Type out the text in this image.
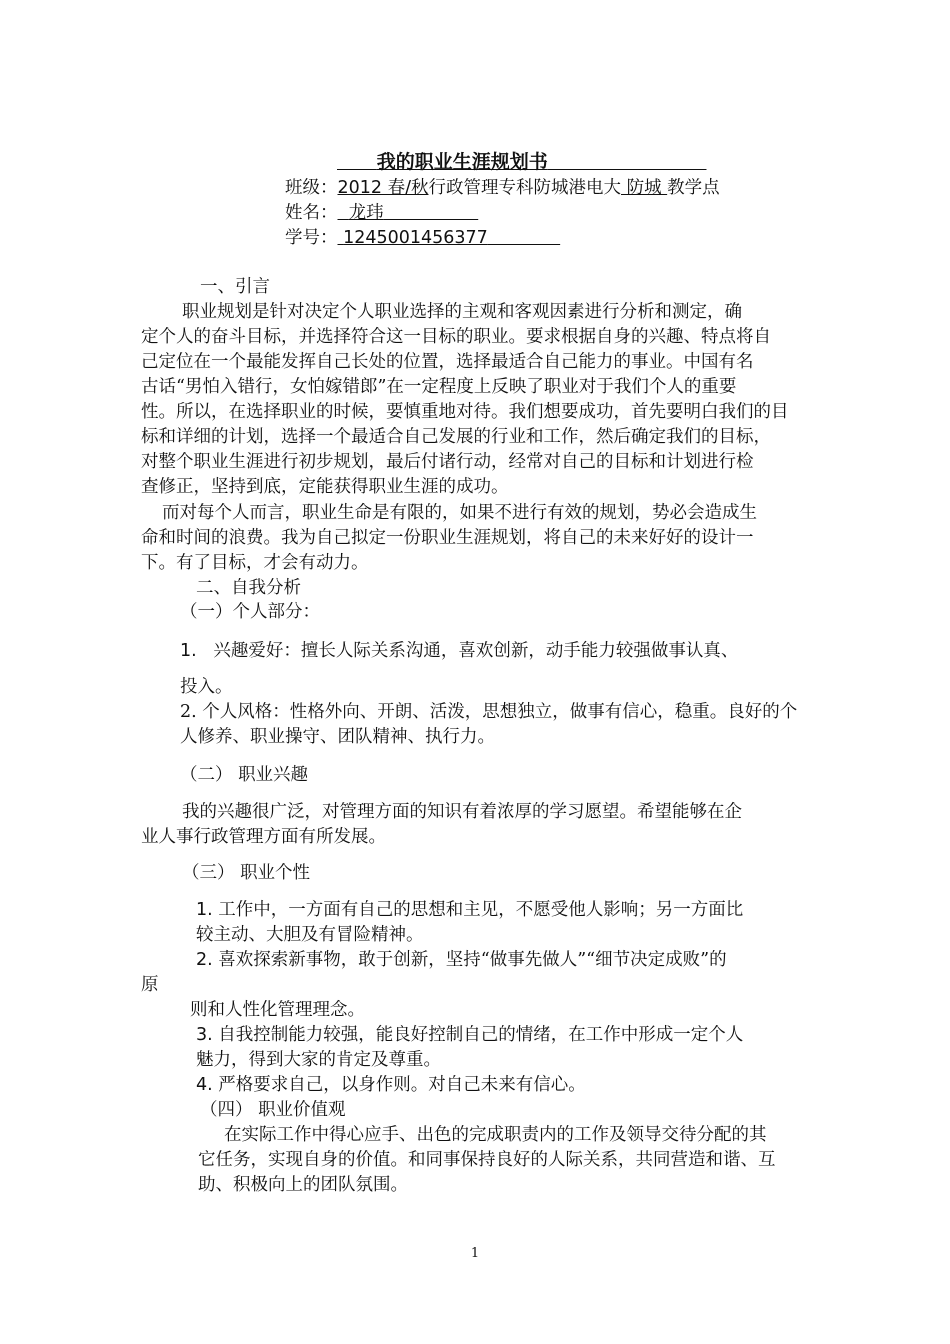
我的职业生涯规划书
班级：2012 春/秋行政管理专科防城港电大 防城 教学点
姓名： 龙玮
学号： 1245001456377
一、引言
职业规划是针对决定个人职业选择的主观和客观因素进行分析和测定，确
定个人的奋斗目标，并选择符合这一目标的职业。要求根据自身的兴趣、特点将自
己定位在一个最能发挥自己长处的位置，选择最适合自己能力的事业。中国有名
古话“男怕入错行，女怕嫁错郎”在一定程度上反映了职业对于我们个人的重要
性。所以，在选择职业的时候，要慎重地对待。我们想要成功，首先要明白我们的目
标和详细的计划，选择一个最适合自己发展的行业和工作，然后确定我们的目标，
对整个职业生涯进行初步规划，最后付诸行动，经常对自己的目标和计划进行检
查修正，坚持到底，定能获得职业生涯的成功。
而对每个人而言，职业生命是有限的，如果不进行有效的规划，势必会造成生
命和时间的浪费。我为自己拟定一份职业生涯规划，将自己的未来好好的设计一
下。有了目标，才会有动力。
二、自我分析
（一）个人部分：
1. 兴趣爱好：擅长人际关系沟通，喜欢创新，动手能力较强做事认真、
投入。
2. 个人风格：性格外向、开朗、活泼，思想独立，做事有信心，稳重。良好的个
人修养、职业操守、团队精神、执行力。
（二） 职业兴趣
我的兴趣很广泛，对管理方面的知识有着浓厚的学习愿望。希望能够在企
业人事行政管理方面有所发展。
（三） 职业个性
1. 工作中，一方面有自己的思想和主见，不愿受他人影响；另一方面比
较主动、大胆及有冒险精神。
2. 喜欢探索新事物，敢于创新，坚持“做事先做人”“细节决定成败”的
原
则和人性化管理理念。
3. 自我控制能力较强，能良好控制自己的情绪，在工作中形成一定个人
魅力，得到大家的肯定及尊重。
4. 严格要求自己，以身作则。对自己未来有信心。
（四） 职业价值观
在实际工作中得心应手、出色的完成职责内的工作及领导交待分配的其
它任务，实现自身的价值。和同事保持良好的人际关系，共同营造和谐、互
助、积极向上的团队氛围。
1
